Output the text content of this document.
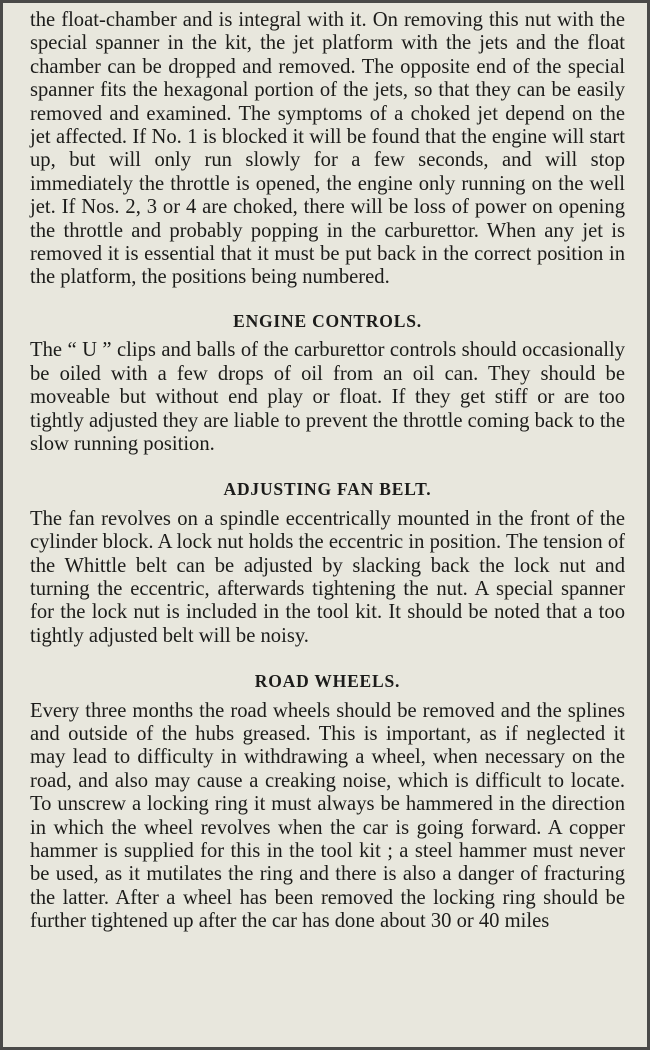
the float-chamber and is integral with it. On removing this nut with the special spanner in the kit, the jet platform with the jets and the float chamber can be dropped and removed. The opposite end of the special spanner fits the hexagonal portion of the jets, so that they can be easily removed and examined. The symptoms of a choked jet depend on the jet affected. If No. 1 is blocked it will be found that the engine will start up, but will only run slowly for a few seconds, and will stop immediately the throttle is opened, the engine only running on the well jet. If Nos. 2, 3 or 4 are choked, there will be loss of power on opening the throttle and probably popping in the carburettor. When any jet is removed it is essential that it must be put back in the correct position in the platform, the positions being numbered.

ENGINE CONTROLS.

The “ U ” clips and balls of the carburettor controls should occasionally be oiled with a few drops of oil from an oil can. They should be moveable but without end play or float. If they get stiff or are too tightly adjusted they are liable to prevent the throttle coming back to the slow running position.

ADJUSTING FAN BELT.

The fan revolves on a spindle eccentrically mounted in the front of the cylinder block. A lock nut holds the eccentric in position. The tension of the Whittle belt can be adjusted by slacking back the lock nut and turning the eccentric, afterwards tightening the nut. A special spanner for the lock nut is included in the tool kit. It should be noted that a too tightly adjusted belt will be noisy.

ROAD WHEELS.

Every three months the road wheels should be removed and the splines and outside of the hubs greased. This is important, as if neglected it may lead to difficulty in withdrawing a wheel, when necessary on the road, and also may cause a creaking noise, which is difficult to locate. To unscrew a locking ring it must always be hammered in the direction in which the wheel revolves when the car is going forward. A copper hammer is supplied for this in the tool kit ; a steel hammer must never be used, as it mutilates the ring and there is also a danger of fracturing the latter. After a wheel has been removed the locking ring should be further tightened up after the car has done about 30 or 40 miles
